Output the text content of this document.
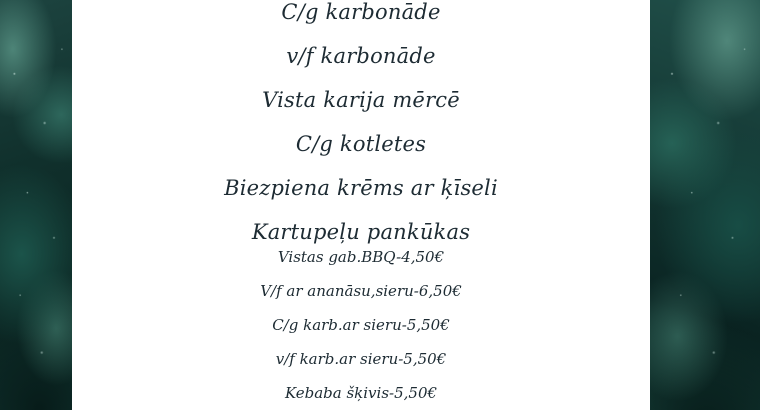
C/g karbonāde
v/f karbonāde
Vista karija mērcē
C/g kotletes
Biezpiena krēms ar ķīseli
Kartupeļu pankūkas
Vistas gab.BBQ-4,50€
V/f ar ananāsu,sieru-6,50€
C/g karb.ar sieru-5,50€
v/f karb.ar sieru-5,50€
Kebaba šķivis-5,50€
